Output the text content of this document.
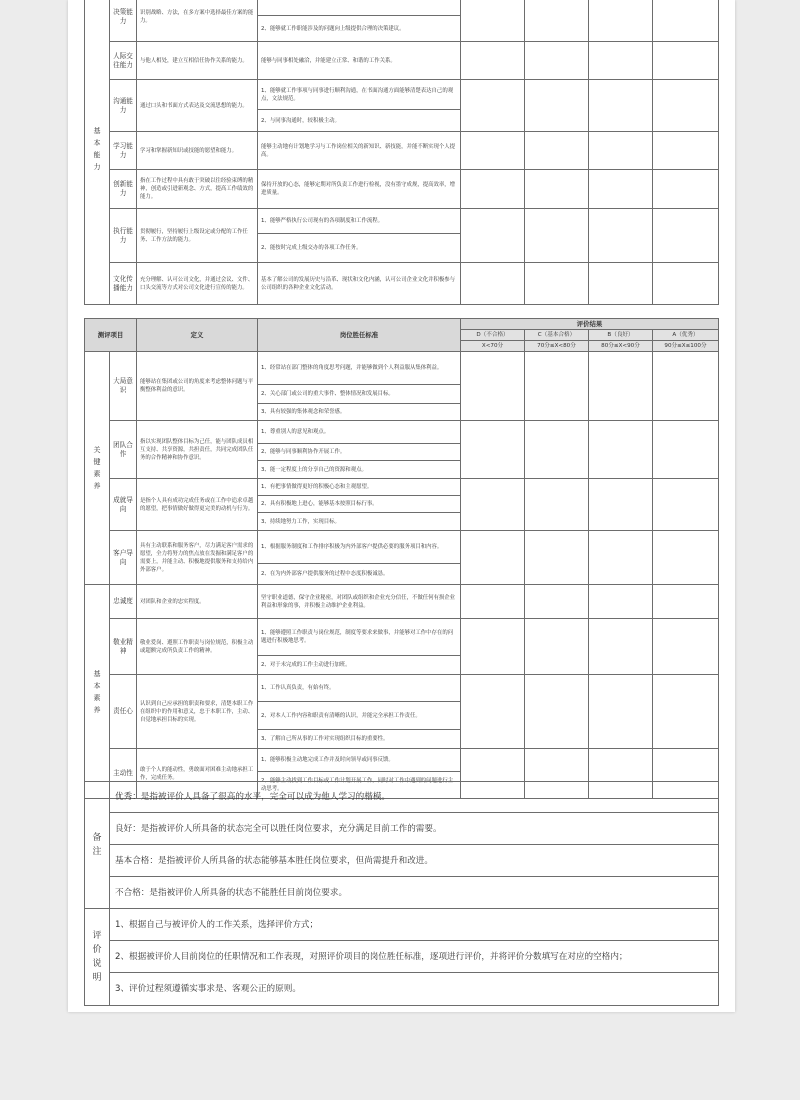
基
本
能
力	决策能力	识别战略、方法，在多方案中选择最佳方案的能力。					
			2、能够就工作职能涉及的问题向上级提供合理的决策建议。				
	人际交往能力	与他人相处，建立互相信任协作关系的能力。	能够与同事相处融洽，并能建立正常、和谐的工作关系。				
	沟通能力	通过口头和书面方式表达及交流思想的能力。	1、能够就工作事项与同事进行顺利沟通，在书面沟通方面能够清楚表达自己的观点，文法规范。				
			2、与同事沟通时，较积极主动。				
	学习能力	学习和掌握新知识或技能的愿望和能力。	能够主动地有计划地学习与工作岗位相关的新知识、新技能，并能不断实现个人提高。				
	创新能力	指在工作过程中具有敢于突破以往经验束缚的精神，创造或引进新观念、方式，提高工作绩效的能力。	保持开放的心态，能够定期对所负责工作进行检视，没有墨守成规，提高效率，增进质量。				
	执行能力	贯彻履行，坚持履行上级设定或分配的工作任务、工作方法的能力。	1、能够严格执行公司现有的各项制度和工作流程。				
			2、能按时完成上级交办的各项工作任务。				
	文化传播能力	充分理解、认可公司文化，并通过会议、文件、口头交流等方式对公司文化进行宣传的能力。	基本了解公司的发展历史与沿革、现状和文化内涵，认可公司企业文化并积极参与公司组织的各种企业文化活动。				
测评项目		定义	岗位胜任标准	评价结果			
				D（不合格）	C（基本合格）	B（良好）	A（优秀）
				X<70分	70分≤X<80分	80分≤X<90分	90分≤X≤100分

关
键
素
养	大局意识	能够站在集团或公司的角度来考虑整体问题与平衡整体利益的意识。	1、经常站在部门整体的角度思考问题，并能够做到个人利益服从集体利益。				
			2、关心部门或公司的重大事件、整体情况和发展目标。				
			3、具有较强的集体观念和荣誉感。				
	团队合作	指以实现团队整体目标为己任，能与团队成员相互支持、共享资源，共担责任，共同完成团队任务的合作精神和协作意识。	1、尊重别人的意见和观点。				
			2、能够与同事顺利协作开展工作。				
			3、能一定程度上的分享自己的资源和观点。				
	成就导向	是指个人具有成功完成任务或在工作中追求卓越的愿望，把事情做好做得更完美的动机与行为。	1、有把事情做得更好的积极心态和主观愿望。				
			2、具有积极地上进心，能够基本按照目标行事。				
			3、持续地努力工作，实现目标。				
	客户导向	具有主动联系和服务客户，尽力满足客户需求的愿望，全力将努力的焦点放在发掘和满足客户的需要上，并能主动、积极地提供服务和支持给内外部客户。	1、根据服务制度和工作排序积极为内外部客户提供必要的服务项目和内容。				
			2、在为内外部客户提供服务的过程中态度积极诚恳。				

基
本
素
养	忠诚度	对团队和企业的忠实程度。	坚守职业道德，保守企业秘密，对团队或组织和企业充分信任，不做任何有损企业利益和形象的事，并积极主动维护企业利益。				
	敬业精神	敬业爱岗、遵照工作职责与岗位规范，积极主动或超额完成所负责工作的精神。	1、能够遵照工作职责与岗位规范，制度等要求来做事，并能够对工作中存在的问题进行积极地思考。				
			2、对于未完成的工作主动进行加班。				
	责任心	认识到自己应承担的职责和要求，清楚本职工作在组织中的作用和意义，忠于本职工作，主动、自觉地承担目标的实现。	1、工作认真负责，有始有终。				
			2、对本人工作内容和职责有清晰的认识，并能完全承担工作责任。				
			3、了解自己所从事的工作对实现组织目标的重要性。				
	主动性	敢于个人的能动性，勇敢面对困难主动地承担工作，完成任务。	1、能够积极主动地完成工作并及时向领导或同事反馈。				
			2、能够主动找到工作目标或工作计划开展工作，同时对工作中遇到的问题进行主动思考。				
备
注	优秀：是指被评价人具备了很高的水平，完全可以成为他人学习的楷模。
	良好：是指被评价人所具备的状态完全可以胜任岗位要求，充分满足目前工作的需要。
	基本合格：是指被评价人所具备的状态能够基本胜任岗位要求，但尚需提升和改进。
	不合格：是指被评价人所具备的状态不能胜任目前岗位要求。

评
价
说
明	1、根据自己与被评价人的工作关系，选择评价方式；
	2、根据被评价人目前岗位的任职情况和工作表现，对照评价项目的岗位胜任标准，逐项进行评价，并将评价分数填写在对应的空格内；
	3、评价过程须遵循实事求是、客观公正的原则。
